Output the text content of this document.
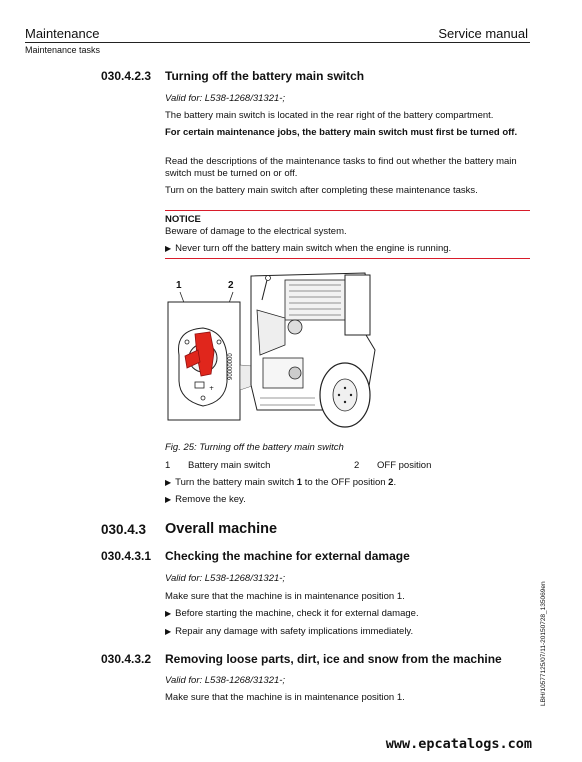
Maintenance	Service manual
Maintenance tasks
030.4.2.3 Turning off the battery main switch
Valid for: L538-1268/31321-;
The battery main switch is located in the rear right of the battery compartment.
For certain maintenance jobs, the battery main switch must first be turned off.
Read the descriptions of the maintenance tasks to find out whether the battery main switch must be turned on or off.
Turn on the battery main switch after completing these maintenance tasks.
NOTICE
Beware of damage to the electrical system.
▶ Never turn off the battery main switch when the engine is running.
1	2
+
90000000
Fig. 25: Turning off the battery main switch
1 Battery main switch	2 OFF position
▶ Turn the battery main switch 1 to the OFF position 2.
▶ Remove the key.
030.4.3 Overall machine
030.4.3.1 Checking the machine for external damage
Valid for: L538-1268/31321-;
Make sure that the machine is in maintenance position 1.
▶ Before starting the machine, check it for external damage.
▶ Repair any damage with safety implications immediately.
030.4.3.2 Removing loose parts, dirt, ice and snow from the machine
Valid for: L538-1268/31321-;
Make sure that the machine is in maintenance position 1.	LBH/10577125/07/11-20150728_135069en
www.epcatalogs.com
